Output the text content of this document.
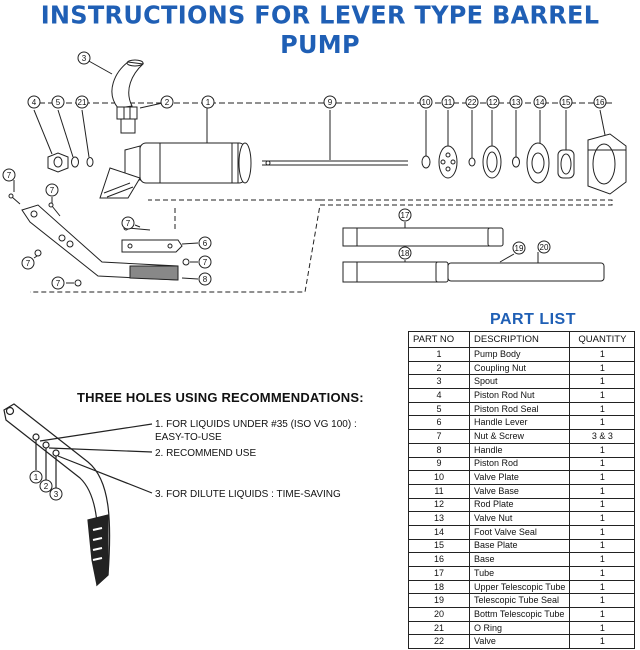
INSTRUCTIONS FOR LEVER TYPE BARREL PUMP
3
2	1
4 5 21	9	10 11 22 12 13 14 15	16
17
18
19 20
6
7
8
7
7
7
7
7
1
2
3
THREE HOLES USING RECOMMENDATIONS:
1. FOR LIQUIDS UNDER #35 (ISO VG 100) :
EASY-TO-USE
2. RECOMMEND USE
3. FOR DILUTE LIQUIDS : TIME-SAVING
PART LIST
PART NO	DESCRIPTION	QUANTITY
1	Pump Body	1
2	Coupling Nut	1
3	Spout	1
4	Piston Rod Nut	1
5	Piston Rod Seal	1
6	Handle Lever	1
7	Nut & Screw	3 & 3
8	Handle	1
9	Piston Rod	1
10	Valve Plate	1
11	Valve Base	1
12	Rod Plate	1
13	Valve Nut	1
14	Foot Valve Seal	1
15	Base Plate	1
16	Base	1
17	Tube	1
18	Upper Telescopic Tube	1
19	Telescopic Tube Seal	1
20	Bottm Telescopic Tube	1
21	O Ring	1
22	Valve	1
